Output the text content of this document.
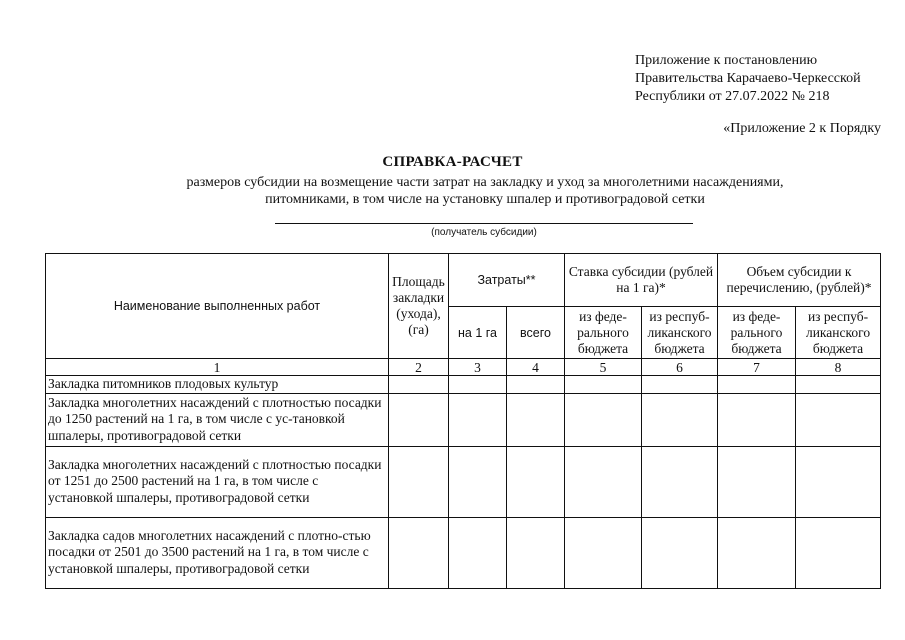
Приложение к постановлению
Правительства Карачаево-Черкесской
Республики от 27.07.2022 № 218
«Приложение 2 к Порядку
СПРАВКА-РАСЧЕТ
размеров субсидии на возмещение части затрат на закладку и уход за многолетними насаждениями,
питомниками, в том числе на установку шпалер и противоградовой сетки
(получатель субсидии)
Наименование выполненных работ	Площадь закладки (ухода), (га)	Затраты**		Ставка субсидии (рублей на 1 га)*		Объем субсидии к перечислению, (рублей)*	
		на 1 га	всего	из феде-рального бюджета	из респуб-ликанского бюджета	из феде-рального бюджета	из респуб-ликанского бюджета
1	2	3	4	5	6	7	8
Закладка питомников плодовых культур							
Закладка многолетних насаждений с плотностью посадки до 1250 растений на 1 га, в том числе с ус-тановкой шпалеры, противоградовой сетки							
Закладка многолетних насаждений с плотностью посадки от 1251 до 2500 растений на 1 га, в том числе с установкой шпалеры, противоградовой сетки							
Закладка садов многолетних насаждений с плотно-стью посадки от 2501 до 3500 растений на 1 га, в том числе с установкой шпалеры, противоградовой сетки							
